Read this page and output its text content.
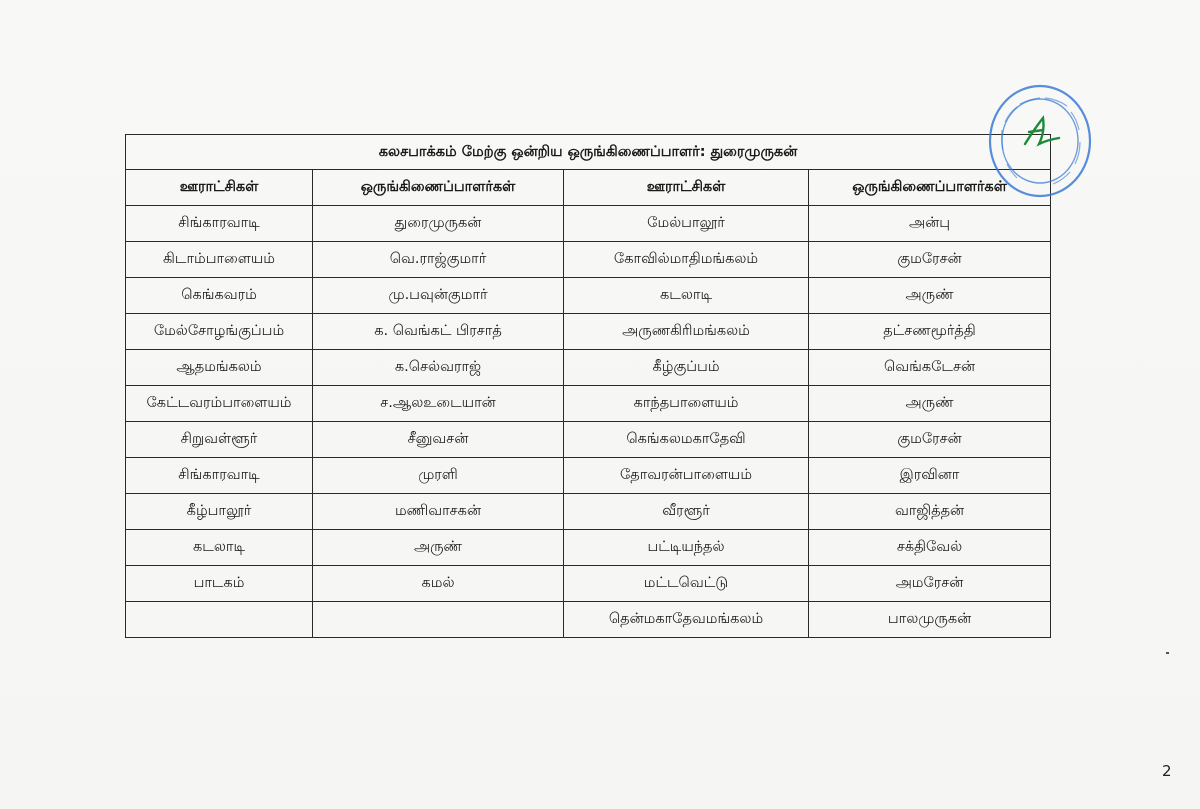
கலசபாக்கம் மேற்கு ஒன்றிய ஒருங்கிணைப்பாளர்: துரைமுருகன்			
ஊராட்சிகள்	ஒருங்கிணைப்பாளர்கள்	ஊராட்சிகள்	ஒருங்கிணைப்பாளர்கள்
சிங்காரவாடி	துரைமுருகன்	மேல்பாலூர்	அன்பு
கிடாம்பாளையம்	வெ.ராஜ்குமார்	கோவில்மாதிமங்கலம்	குமரேசன்
கெங்கவரம்	மு.பவுன்குமார்	கடலாடி	அருண்
மேல்சோழங்குப்பம்	க. வெங்கட் பிரசாத்	அருணகிரிமங்கலம்	தட்சணமூர்த்தி
ஆதமங்கலம்	க.செல்வராஜ்	கீழ்குப்பம்	வெங்கடேசன்
கேட்டவரம்பாளையம்	ச.ஆலஉடையான்	காந்தபாளையம்	அருண்
சிறுவள்ளூர்	சீனுவசன்	கெங்கலமகாதேவி	குமரேசன்
சிங்காரவாடி	முரளி	தோவரன்பாளையம்	இரவினா
கீழ்பாலூர்	மணிவாசகன்	வீரளூர்	வாஜித்தன்
கடலாடி	அருண்	பட்டியந்தல்	சக்திவேல்
பாடகம்	கமல்	மட்டவெட்டு	அமரேசன்
		தென்மகாதேவமங்கலம்	பாலமுருகன்
2
